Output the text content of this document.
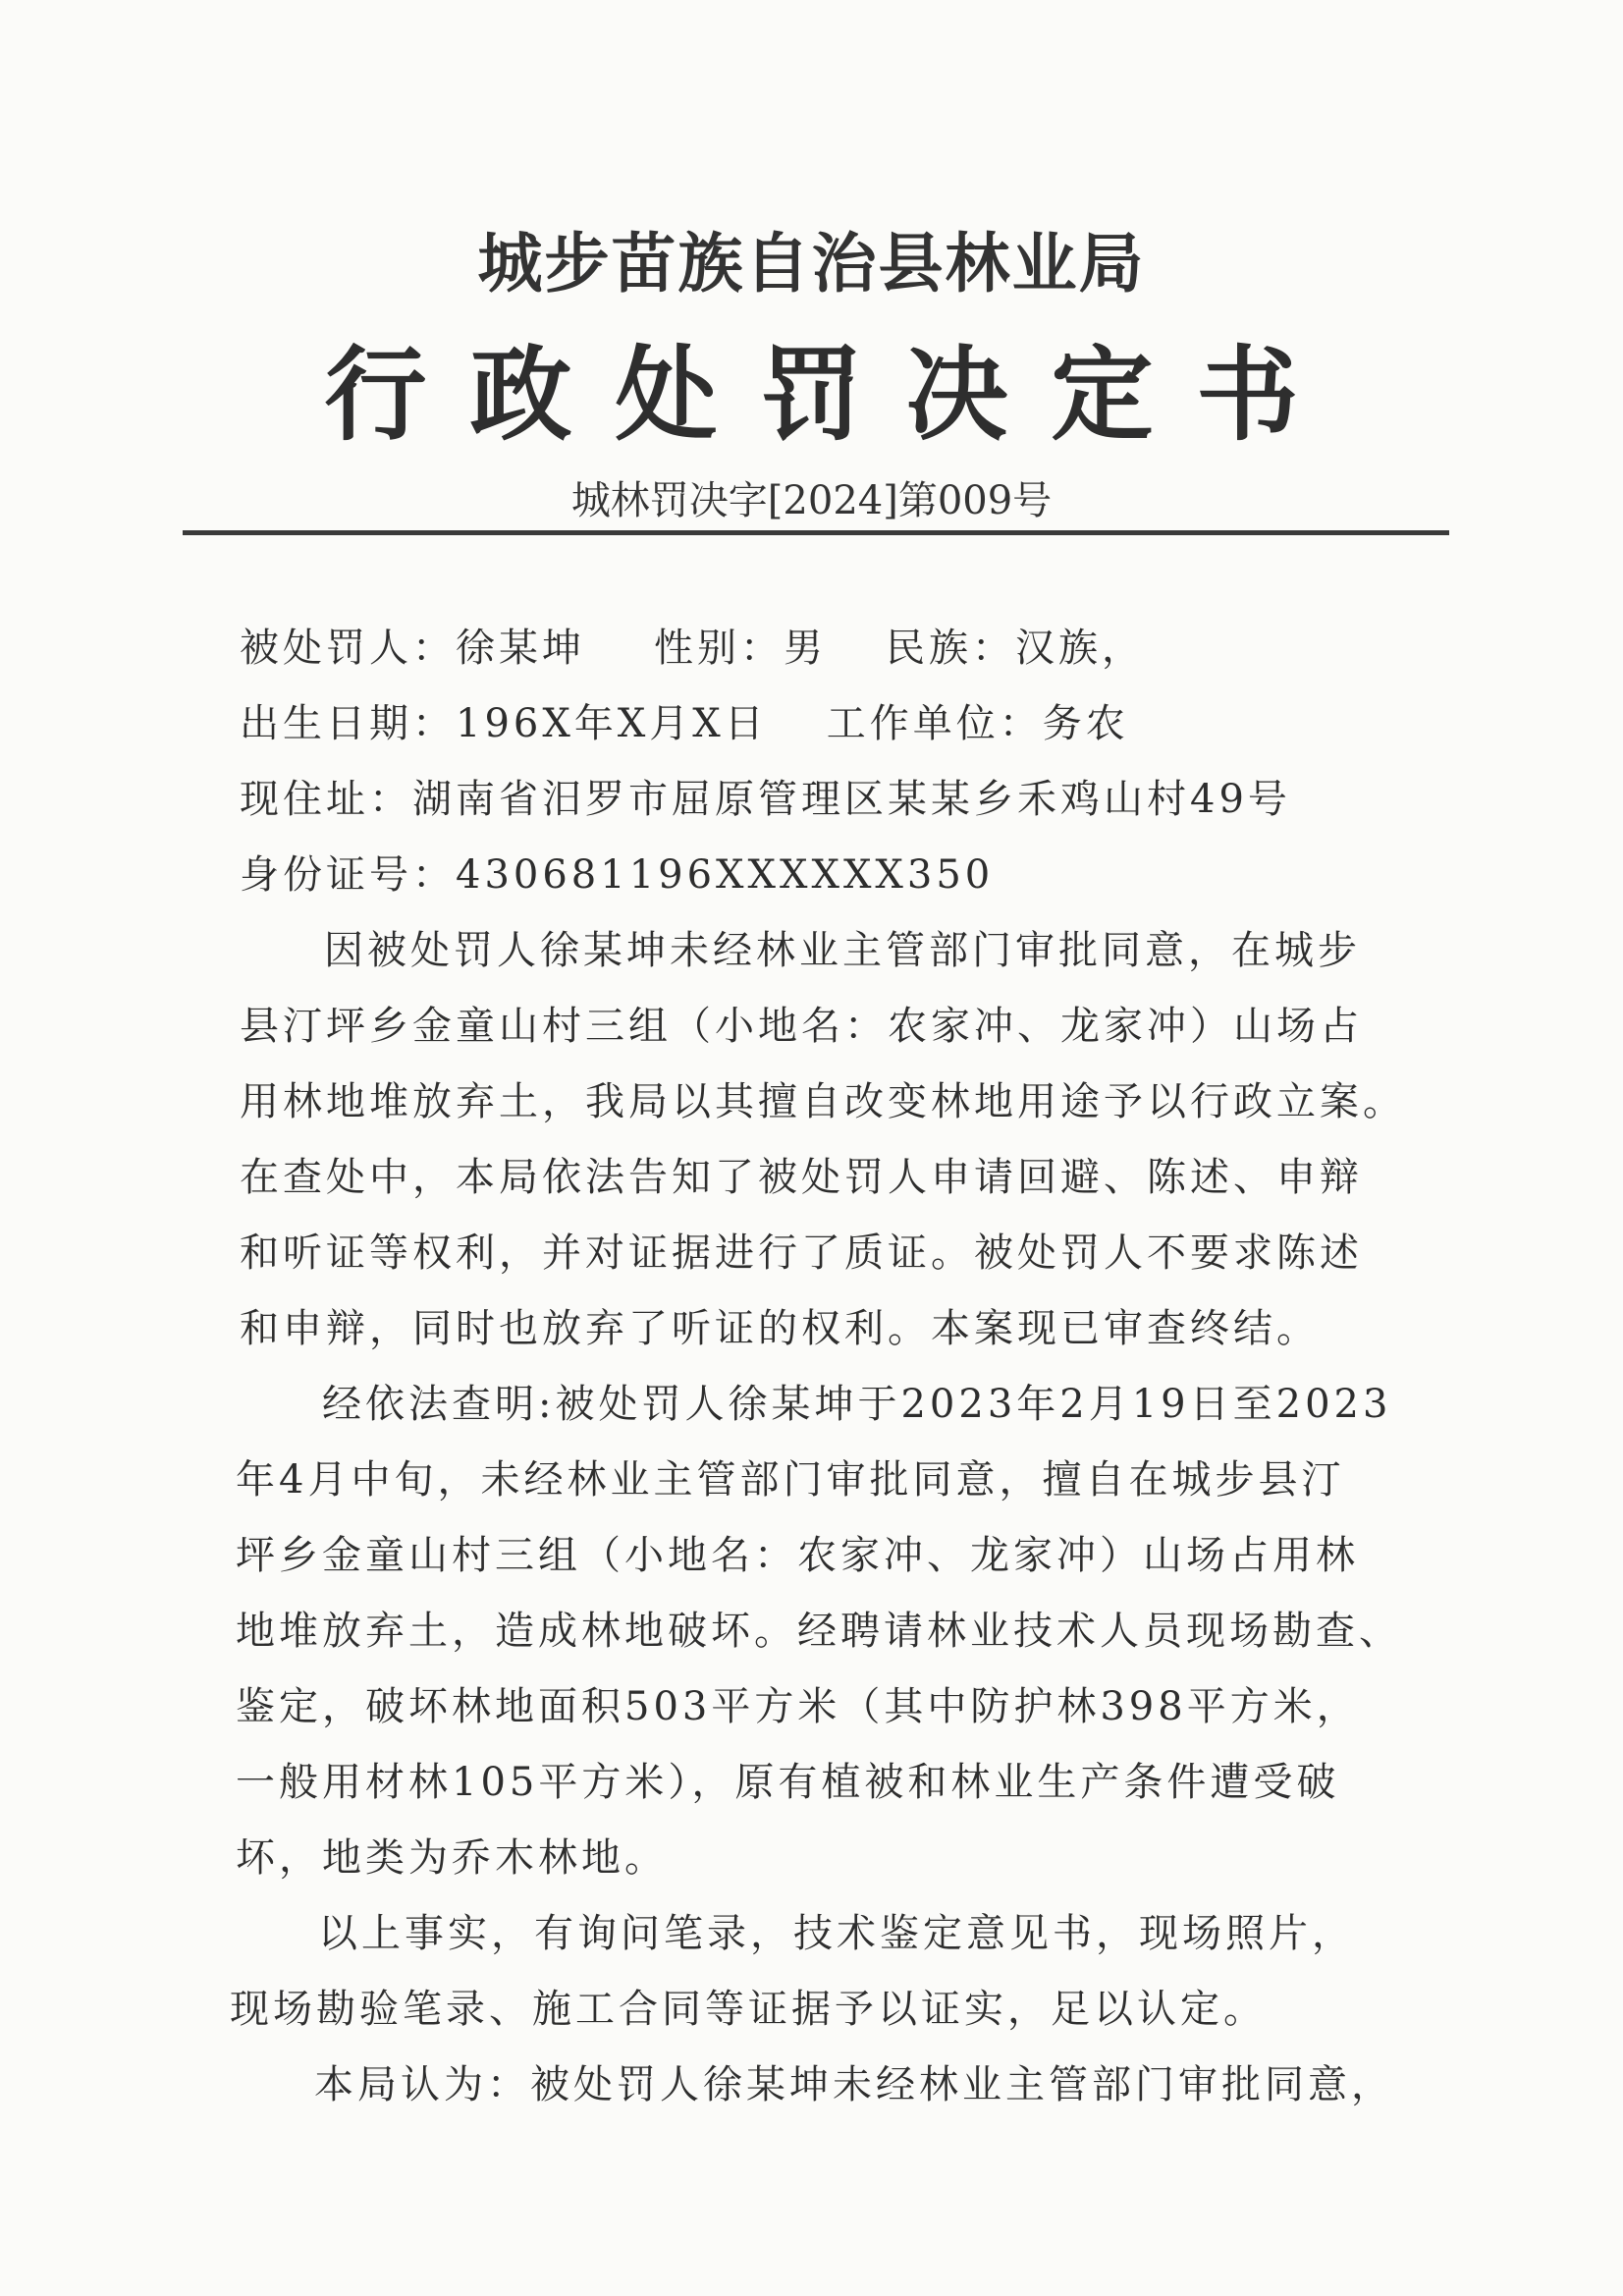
城步苗族自治县林业局
行政处罚决定书
城林罚决字[2024]第009号
被处罚人：徐某坤 性别：男 民族：汉族，
出生日期：196X年X月X日 工作单位：务农
现住址：湖南省汨罗市屈原管理区某某乡禾鸡山村49号
身份证号：430681196XXXXXX350
因被处罚人徐某坤未经林业主管部门审批同意，在城步
县汀坪乡金童山村三组（小地名：农家冲、龙家冲）山场占
用林地堆放弃土，我局以其擅自改变林地用途予以行政立案。
在查处中，本局依法告知了被处罚人申请回避、陈述、申辩
和听证等权利，并对证据进行了质证。被处罚人不要求陈述
和申辩，同时也放弃了听证的权利。本案现已审查终结。
经依法查明:被处罚人徐某坤于2023年2月19日至2023
年4月中旬，未经林业主管部门审批同意，擅自在城步县汀
坪乡金童山村三组（小地名：农家冲、龙家冲）山场占用林
地堆放弃土，造成林地破坏。经聘请林业技术人员现场勘查、
鉴定，破坏林地面积503平方米（其中防护林398平方米，
一般用材林105平方米），原有植被和林业生产条件遭受破
坏，地类为乔木林地。
以上事实，有询问笔录，技术鉴定意见书，现场照片，
现场勘验笔录、施工合同等证据予以证实，足以认定。
本局认为：被处罚人徐某坤未经林业主管部门审批同意，
